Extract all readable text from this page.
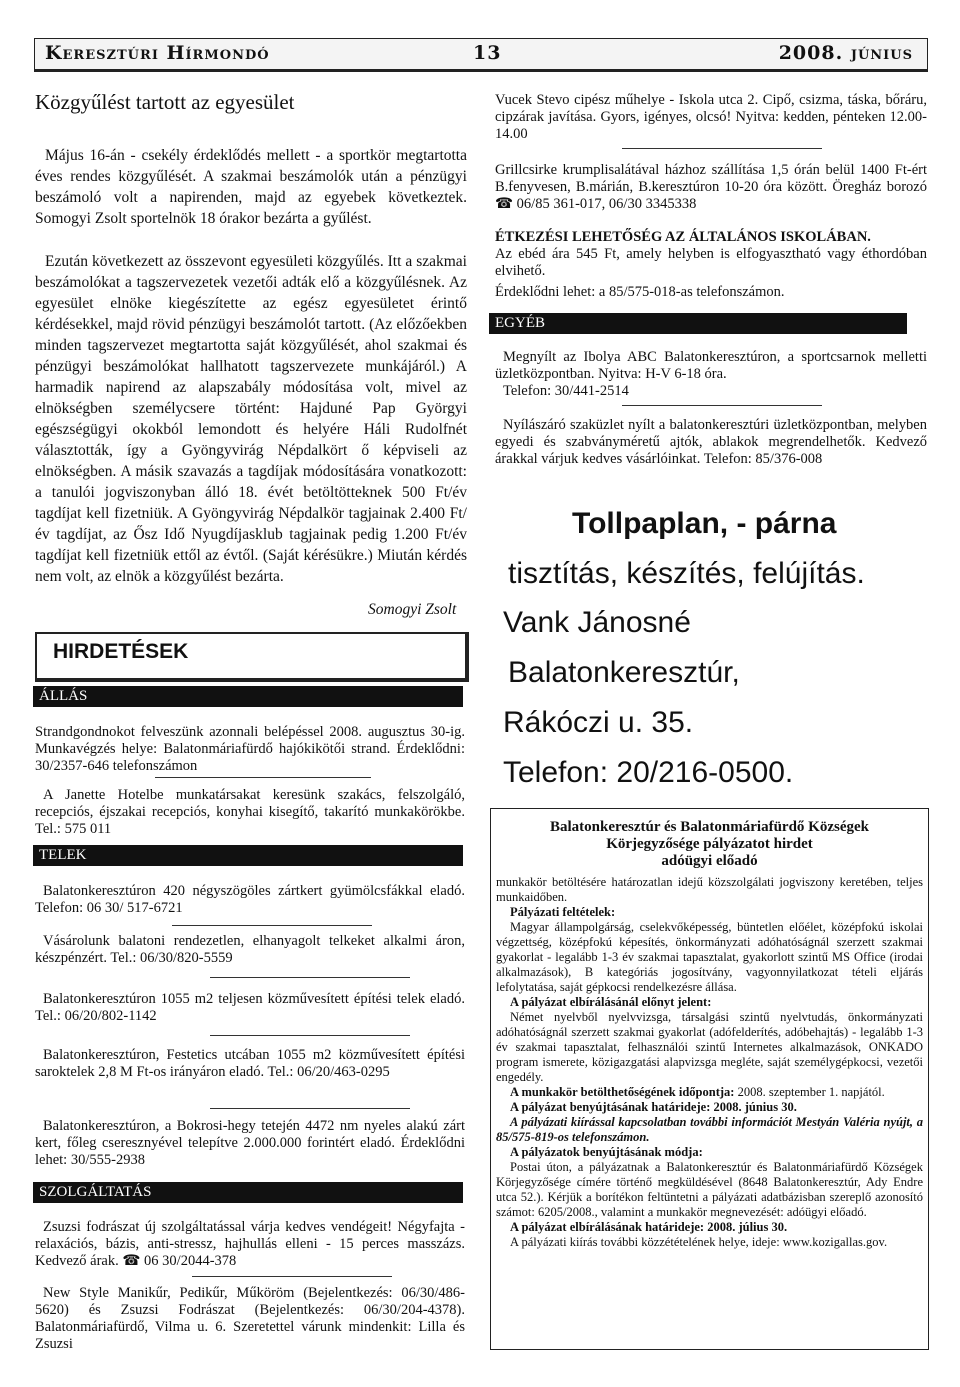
Keresztúri Hírmondó	13	2008. június
Közgyűlést tartott az egyesület
Május 16-án - csekély érdeklődés mellett - a sportkör megtartotta éves rendes közgyűlését. A szakmai beszámolók után a pénzügyi beszámoló volt a napirenden, majd az egyebek következtek. Somogyi Zsolt sportelnök 18 órakor bezárta a gyűlést.
Ezután következett az összevont egyesületi közgyűlés. Itt a szakmai beszámolókat a tagszervezetek vezetői adták elő a közgyűlésnek. Az egyesület elnöke kiegészítette az egész egyesületet érintő kérdésekkel, majd rövid pénzügyi beszámolót tartott. (Az előzőekben minden tagszervezet megtartotta saját közgyűlését, ahol szakmai és pénzügyi beszámolókat hallhatott tagszervezete munkájáról.) A harmadik napirend az alapszabály módosítása volt, mivel az elnökségben személycsere történt: Hajduné Pap Györgyi egészségügyi okokból lemondott és helyére Háli Rudolfnét választották, így a Gyöngyvirág Népdalkört ő képviseli az elnökségben. A másik szavazás a tagdíjak módosítására vonatkozott: a tanulói jogviszonyban álló 18. évét betöltötteknek 500 Ft/év tagdíjat kell fizetniük. A Gyöngyvirág Népdalkör tagjainak 2.400 Ft/év tagdíjat, az Ősz Idő Nyugdíjasklub tagjainak pedig 1.200 Ft/év tagdíjat kell fizetniük ettől az évtől. (Saját kérésükre.) Miután kérdés nem volt, az elnök a közgyűlést bezárta.
Somogyi Zsolt
HIRDETÉSEK
ÁLLÁS
Strandgondnokot felveszünk azonnali belépéssel 2008. augusztus 30-ig. Munkavégzés helye: Balatonmáriafürdő hajókikötői strand. Érdeklődni: 30/2357-646 telefonszámon
A Janette Hotelbe munkatársakat keresünk szakács, felszolgáló, recepciós, éjszakai recepciós, konyhai kisegítő, takarító munkakörökbe. Tel.: 575 011
TELEK
Balatonkeresztúron 420 négyszögöles zártkert gyümölcsfákkal eladó. Telefon: 06 30/ 517-6721
Vásárolunk balatoni rendezetlen, elhanyagolt telkeket alkalmi áron, készpénzért. Tel.: 06/30/820-5559
Balatonkeresztúron 1055 m2 teljesen közművesített építési telek eladó. Tel.: 06/20/802-1142
Balatonkeresztúron, Festetics utcában 1055 m2 közművesített építési saroktelek 2,8 M Ft-os irányáron eladó. Tel.: 06/20/463-0295
Balatonkeresztúron, a Bokrosi-hegy tetején 4472 nm nyeles alakú zárt kert, főleg cseresznyével telepítve 2.000.000 forintért eladó. Érdeklődni lehet: 30/555-2938
SZOLGÁLTATÁS
Zsuzsi fodrászat új szolgáltatással várja kedves vendégeit! Négyfajta - relaxációs, bázis, anti-stressz, hajhullás elleni - 15 perces masszázs. Kedvező árak. ☎ 06 30/2044-378
New Style Manikűr, Pedikűr, Műköröm (Bejelentkezés: 06/30/486-5620) és Zsuzsi Fodrászat (Bejelentkezés: 06/30/204-4378). Balatonmáriafürdő, Vilma u. 6. Szeretettel várunk mindenkit: Lilla és Zsuzsi
Vucek Stevo cipész műhelye - Iskola utca 2. Cipő, csizma, táska, bőráru, cipzárak javítása. Gyors, igényes, olcsó! Nyitva: kedden, pénteken 12.00-14.00
Grillcsirke krumplisalátával házhoz szállítása 1,5 órán belül 1400 Ft-ért B.fenyvesen, B.márián, B.keresztúron 10-20 óra között. Öregház borozó ☎ 06/85 361-017, 06/30 3345338
ÉTKEZÉSI LEHETŐSÉG AZ ÁLTALÁNOS ISKOLÁBAN.
Az ebéd ára 545 Ft, amely helyben is elfogyasztható vagy éthordóban elvihető.
Érdeklődni lehet: a 85/575-018-as telefonszámon.
EGYÉB
Megnyílt az Ibolya ABC Balatonkeresztúron, a sportcsarnok melletti üzletközpontban. Nyitva: H-V 6-18 óra.
Telefon: 30/441-2514
Nyílászáró szaküzlet nyílt a balatonkeresztúri üzletközpontban, melyben egyedi és szabványméretű ajtók, ablakok megrendelhetők. Kedvező árakkal várjuk kedves vásárlóinkat. Telefon: 85/376-008
Tollpaplan, - párna
tisztítás, készítés, felújítás.
Vank Jánosné
Balatonkeresztúr,
Rákóczi u. 35.
Telefon: 20/216-0500.
Balatonkeresztúr és Balatonmáriafürdő Községek
Körjegyzősége pályázatot hirdet
adóügyi előadó

munkakör betöltésére határozatlan idejű közszolgálati jogviszony keretében, teljes munkaidőben.

Pályázati feltételek:

Magyar állampolgárság, cselekvőképesség, büntetlen előélet, középfokú iskolai végzettség, középfokú képesítés, önkormányzati adóhatóságnál szerzett szakmai gyakorlat - legalább 1-3 év szakmai tapasztalat, gyakorlott szintű MS Office (irodai alkalmazások), B kategóriás jogosítvány, vagyonnyilatkozat tételi eljárás lefolytatása, saját gépkocsi rendelkezésre állása.

A pályázat elbírálásánál előnyt jelent:

Német nyelvből nyelvvizsga, társalgási szintű nyelvtudás, önkormányzati adóhatóságnál szerzett szakmai gyakorlat (adófelderítés, adóbehajtás) - legalább 1-3 év szakmai tapasztalat, felhasználói szintű Internetes alkalmazások, ONKADO program ismerete, közigazgatási alapvizsga megléte, saját személygépkocsi, vezetői engedély.

A munkakör betölthetőségének időpontja: 2008. szeptember 1. napjától.

A pályázat benyújtásának határideje: 2008. június 30.

A pályázati kiírással kapcsolatban további információt Mestyán Valéria nyújt, a 85/575-819-os telefonszámon.

A pályázatok benyújtásának módja:

Postai úton, a pályázatnak a Balatonkeresztúr és Balatonmáriafürdő Községek Körjegyzősége címére történő megküldésével (8648 Balatonkeresztúr, Ady Endre utca 52.). Kérjük a borítékon feltüntetni a pályázati adatbázisban szereplő azonosító számot: 6205/2008., valamint a munkakör megnevezését: adóügyi előadó.

A pályázat elbírálásának határideje: 2008. július 30.

A pályázati kiírás további közzétételének helye, ideje: www.kozigallas.gov.
